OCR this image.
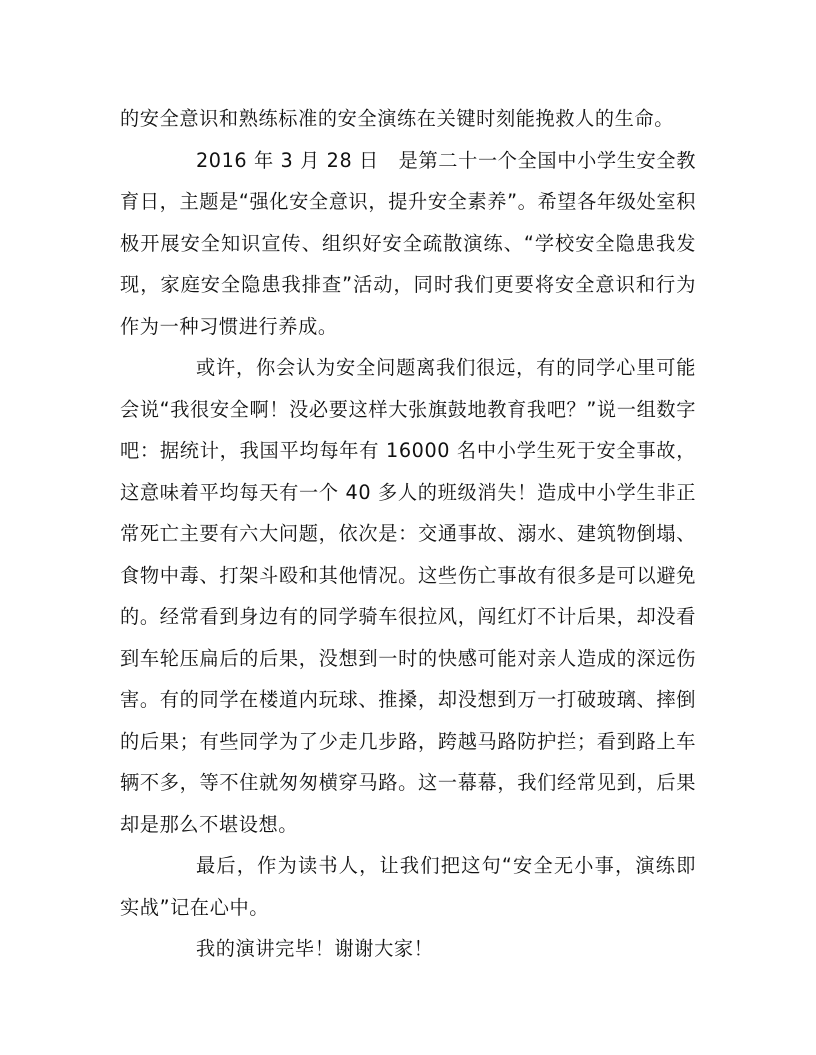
的安全意识和熟练标准的安全演练在关键时刻能挽救人的生命。

2016 年 3 月 28 日　是第二十一个全国中小学生安全教育日，主题是“强化安全意识，提升安全素养”。希望各年级处室积极开展安全知识宣传、组织好安全疏散演练、“学校安全隐患我发现，家庭安全隐患我排查”活动，同时我们更要将安全意识和行为作为一种习惯进行养成。

或许，你会认为安全问题离我们很远，有的同学心里可能会说“我很安全啊！没必要这样大张旗鼓地教育我吧？”说一组数字吧：据统计，我国平均每年有 16000 名中小学生死于安全事故，这意味着平均每天有一个 40 多人的班级消失！造成中小学生非正常死亡主要有六大问题，依次是：交通事故、溺水、建筑物倒塌、食物中毒、打架斗殴和其他情况。这些伤亡事故有很多是可以避免的。经常看到身边有的同学骑车很拉风，闯红灯不计后果，却没看到车轮压扁后的后果，没想到一时的快感可能对亲人造成的深远伤害。有的同学在楼道内玩球、推搡，却没想到万一打破玻璃、摔倒的后果；有些同学为了少走几步路，跨越马路防护拦；看到路上车辆不多，等不住就匆匆横穿马路。这一幕幕，我们经常见到，后果却是那么不堪设想。

最后，作为读书人，让我们把这句“安全无小事，演练即实战”记在心中。

我的演讲完毕！谢谢大家！
